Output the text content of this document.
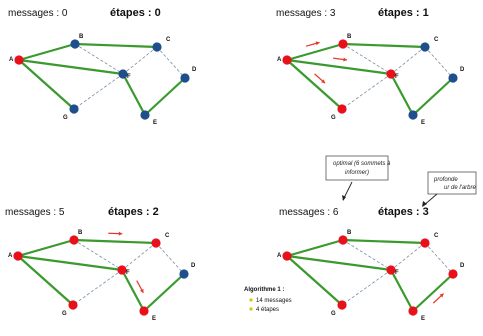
messages : 0	étapes : 0
A
B	C
D
E
F
G
messages : 3	étapes : 1
A
B	C
D
E
F
G
messages : 5	étapes : 2
A
B	C
D
E
F
G
messages : 6	étapes : 3
A
B	C
D
E
F
G
optimal (6 sommets à
informer)
profonde
ur de l'arbre
Algorithme 1 :
14 messages
4 étapes
